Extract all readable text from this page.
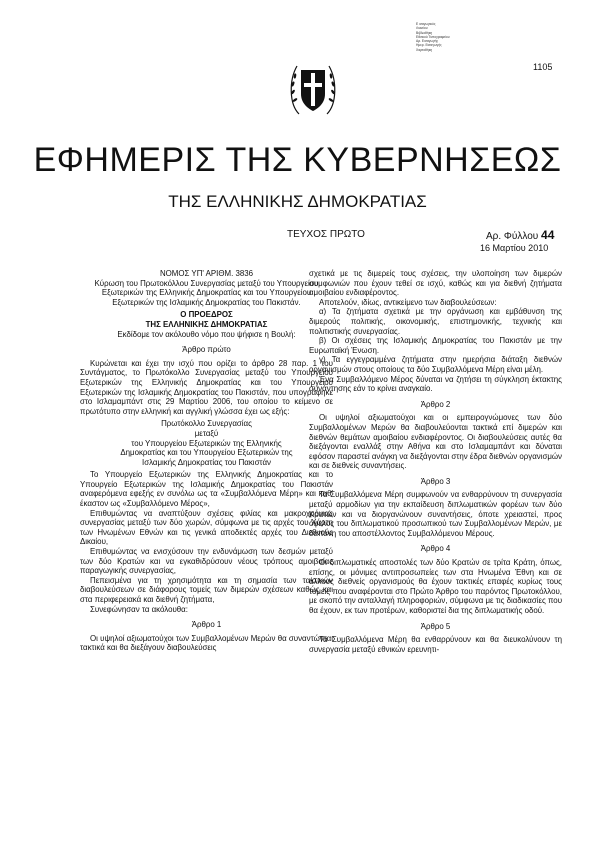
Ε ισαγωγικός
Λυκείου
Βιβλιοθήκη
Εθνικού Τυπογραφείου
Αρ. Εισαγωγής
Ημερ. Εισαγωγής
Χαρτοθήκη
1105
ΕΦΗΜΕΡΙΣ ΤΗΣ ΚΥΒΕΡΝΗΣΕΩΣ
ΤΗΣ ΕΛΛΗΝΙΚΗΣ ΔΗΜΟΚΡΑΤΙΑΣ
ΤΕΥΧΟΣ ΠΡΩΤΟ	Αρ. Φύλλου 44
16 Μαρτίου 2010

ΝΟΜΟΣ ΥΠ' ΑΡΙΘΜ. 3836

Κύρωση του Πρωτοκόλλου Συνεργασίας μεταξύ του Υπουργείου Εξωτερικών της Ελληνικής Δημοκρατίας και του Υπουργείου Εξωτερικών της Ισλαμικής Δημοκρατίας του Πακιστάν.

Ο ΠΡΟΕΔΡΟΣ

ΤΗΣ ΕΛΛΗΝΙΚΗΣ ΔΗΜΟΚΡΑΤΙΑΣ

Εκδίδομε τον ακόλουθο νόμο που ψήφισε η Βουλή:

Άρθρο πρώτο

Κυρώνεται και έχει την ισχύ που ορίζει το άρθρο 28 παρ. 1 του Συντάγματος, το Πρωτόκολλο Συνεργασίας μεταξύ του Υπουργείου Εξωτερικών της Ελληνικής Δημοκρατίας και του Υπουργείου Εξωτερικών της Ισλαμικής Δημοκρατίας του Πακιστάν, που υπογράφηκε στο Ισλαμαμπάντ στις 29 Μαρτίου 2006, του οποίου το κείμενο σε πρωτότυπο στην ελληνική και αγγλική γλώσσα έχει ως εξής:

Πρωτόκολλο Συνεργασίας

μεταξύ

του Υπουργείου Εξωτερικών της Ελληνικής

Δημοκρατίας και του Υπουργείου Εξωτερικών της

Ισλαμικής Δημοκρατίας του Πακιστάν

Το Υπουργείο Εξωτερικών της Ελληνικής Δημοκρατίας και το Υπουργείο Εξωτερικών της Ισλαμικής Δημοκρατίας του Πακιστάν αναφερόμενα εφεξής εν συνόλω ως τα «Συμβαλλόμενα Μέρη» και καθ' έκαστον ως «Συμβαλλόμενο Μέρος»,

Επιθυμώντας να αναπτύξουν σχέσεις φιλίας και μακροχρόνιας συνεργασίας μεταξύ των δύο χωρών, σύμφωνα με τις αρχές του Χάρτη των Ηνωμένων Εθνών και τις γενικά αποδεκτές αρχές του Διεθνούς Δικαίου,

Επιθυμώντας να ενισχύσουν την ενδυνάμωση των δεσμών μεταξύ των δύο Κρατών και να εγκαθιδρύσουν νέους τρόπους αμοιβαίας παραγωγικής συνεργασίας,

Πεπεισμένα για τη χρησιμότητα και τη σημασία των τακτικών διαβουλεύσεων σε διάφορους τομείς των διμερών σχέσεων καθώς και στα περιφερειακά και διεθνή ζητήματα,

Συνεφώνησαν τα ακόλουθα:

Άρθρο 1

Οι υψηλοί αξιωματούχοι των Συμβαλλομένων Μερών θα συναντώνται τακτικά και θα διεξάγουν διαβουλεύσεις

σχετικά με τις διμερείς τους σχέσεις, την υλοποίηση των διμερών συμφωνιών που έχουν τεθεί σε ισχύ, καθώς και για διεθνή ζητήματα αμοιβαίου ενδιαφέροντος.

Αποτελούν, ιδίως, αντικείμενο των διαβουλεύσεων:

α) Τα ζητήματα σχετικά με την οργάνωση και εμβάθυνση της διμερούς πολιτικής, οικονομικής, επιστημονικής, τεχνικής και πολιτιστικής συνεργασίας.

β) Οι σχέσεις της Ισλαμικής Δημοκρατίας του Πακιστάν με την Ευρωπαϊκή Ένωση.

γ) Τα εγγεγραμμένα ζητήματα στην ημερήσια διάταξη διεθνών οργανισμών στους οποίους τα δύο Συμβαλλόμενα Μέρη είναι μέλη.

Ένα Συμβαλλόμενο Μέρος δύναται να ζητήσει τη σύγκληση έκτακτης συνάντησης εάν το κρίνει αναγκαίο.

Άρθρο 2

Οι υψηλοί αξιωματούχοι και οι εμπειρογνώμονες των δύο Συμβαλλομένων Μερών θα διαβουλεύονται τακτικά επί διμερών και διεθνών θεμάτων αμοιβαίου ενδιαφέροντος. Οι διαβουλεύσεις αυτές θα διεξάγονται εναλλάξ στην Αθήνα και στο Ισλαμαμπάντ και δύναται εφόσον παραστεί ανάγκη να διεξάγονται στην έδρα διεθνών οργανισμών και σε διεθνείς συναντήσεις.

Άρθρο 3

Τα Συμβαλλόμενα Μέρη συμφωνούν να ενθαρρύνουν τη συνεργασία μεταξύ αρμοδίων για την εκπαίδευση διπλωματικών φορέων των δύο Κρατών και να διοργανώνουν συναντήσεις, όποτε χρειαστεί, προς όφελος του διπλωματικού προσωπικού των Συμβαλλομένων Μερών, με δαπάνη του αποστέλλοντος Συμβαλλόμενου Μέρους.

Άρθρο 4

Οι διπλωματικές αποστολές των δύο Κρατών σε τρίτα Κράτη, όπως, επίσης, οι μόνιμες αντιπροσωπείες των στα Ηνωμένα Έθνη και σε άλλους διεθνείς οργανισμούς θα έχουν τακτικές επαφές κυρίως τους τομείς που αναφέρονται στο Πρώτο Άρθρο του παρόντος Πρωτοκόλλου, με σκοπό την ανταλλαγή πληροφοριών, σύμφωνα με τις διαδικασίες που θα έχουν, εκ των προτέρων, καθοριστεί δια της διπλωματικής οδού.

Άρθρο 5

Τα Συμβαλλόμενα Μέρη θα ενθαρρύνουν και θα διευκολύνουν τη συνεργασία μεταξύ εθνικών ερευνητι-
